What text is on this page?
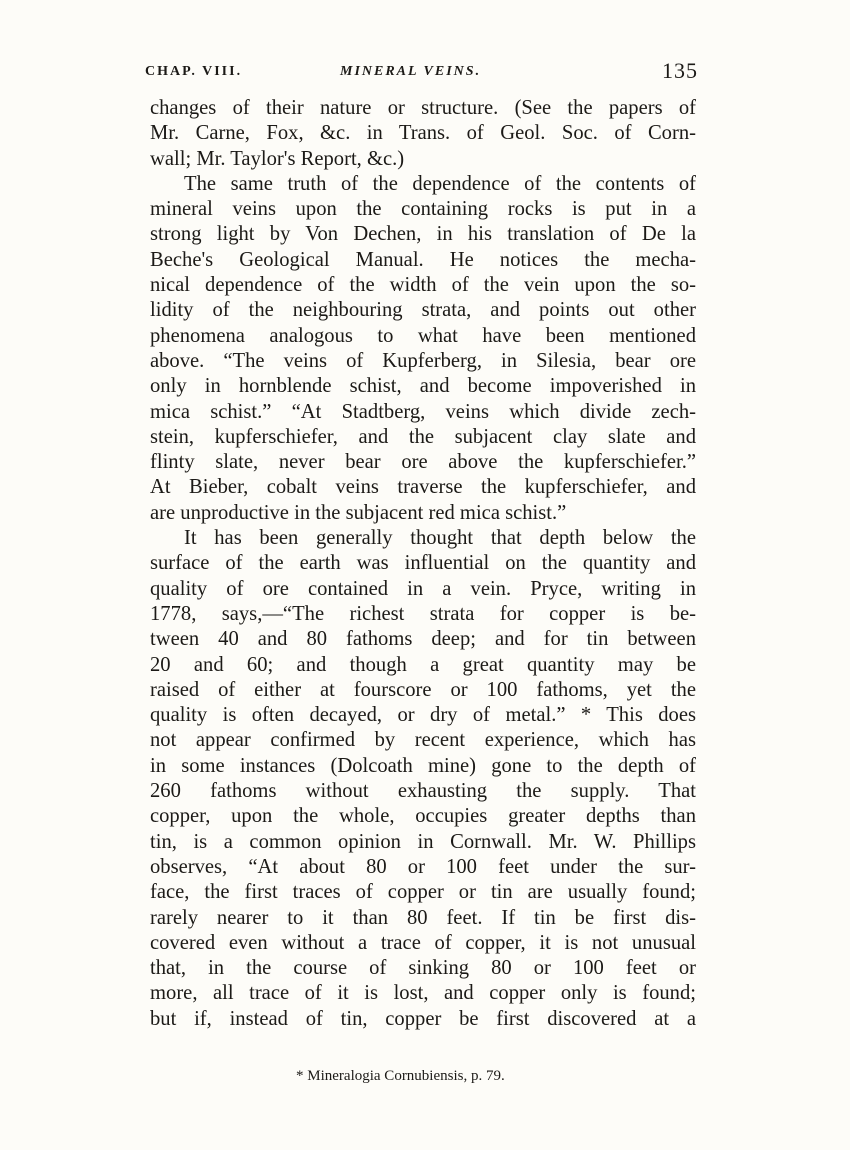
CHAP. VIII.	MINERAL VEINS.	135
changes of their nature or structure. (See the papers of
Mr. Carne, Fox, &c. in Trans. of Geol. Soc. of Corn-
wall; Mr. Taylor's Report, &c.)
The same truth of the dependence of the contents of
mineral veins upon the containing rocks is put in a
strong light by Von Dechen, in his translation of De la
Beche's Geological Manual. He notices the mecha-
nical dependence of the width of the vein upon the so-
lidity of the neighbouring strata, and points out other
phenomena analogous to what have been mentioned
above. “The veins of Kupferberg, in Silesia, bear ore
only in hornblende schist, and become impoverished in
mica schist.” “At Stadtberg, veins which divide zech-
stein, kupferschiefer, and the subjacent clay slate and
flinty slate, never bear ore above the kupferschiefer.”
At Bieber, cobalt veins traverse the kupferschiefer, and
are unproductive in the subjacent red mica schist.”
It has been generally thought that depth below the
surface of the earth was influential on the quantity and
quality of ore contained in a vein. Pryce, writing in
1778, says,—“The richest strata for copper is be-
tween 40 and 80 fathoms deep; and for tin between
20 and 60; and though a great quantity may be
raised of either at fourscore or 100 fathoms, yet the
quality is often decayed, or dry of metal.” * This does
not appear confirmed by recent experience, which has
in some instances (Dolcoath mine) gone to the depth of
260 fathoms without exhausting the supply. That
copper, upon the whole, occupies greater depths than
tin, is a common opinion in Cornwall. Mr. W. Phillips
observes, “At about 80 or 100 feet under the sur-
face, the first traces of copper or tin are usually found;
rarely nearer to it than 80 feet. If tin be first dis-
covered even without a trace of copper, it is not unusual
that, in the course of sinking 80 or 100 feet or
more, all trace of it is lost, and copper only is found;
but if, instead of tin, copper be first discovered at a
* Mineralogia Cornubiensis, p. 79.
